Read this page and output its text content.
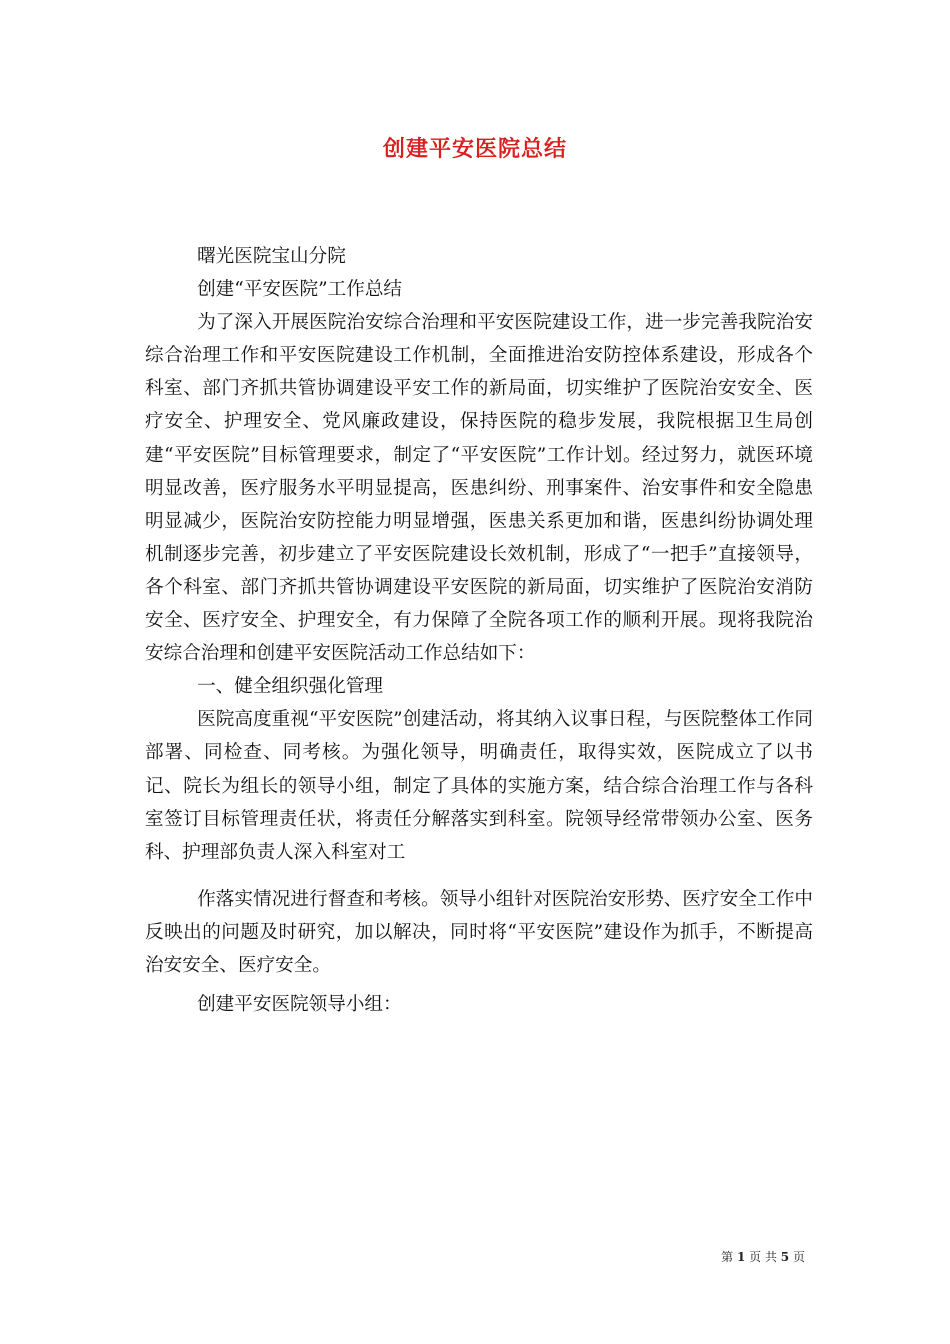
创建平安医院总结

曙光医院宝山分院

创建“平安医院”工作总结

为了深入开展医院治安综合治理和平安医院建设工作，进一步完善我院治安综合治理工作和平安医院建设工作机制，全面推进治安防控体系建设，形成各个科室、部门齐抓共管协调建设平安工作的新局面，切实维护了医院治安安全、医疗安全、护理安全、党风廉政建设，保持医院的稳步发展，我院根据卫生局创建“平安医院”目标管理要求，制定了“平安医院”工作计划。经过努力，就医环境明显改善，医疗服务水平明显提高，医患纠纷、刑事案件、治安事件和安全隐患明显减少，医院治安防控能力明显增强，医患关系更加和谐，医患纠纷协调处理机制逐步完善，初步建立了平安医院建设长效机制，形成了“一把手”直接领导，各个科室、部门齐抓共管协调建设平安医院的新局面，切实维护了医院治安消防安全、医疗安全、护理安全，有力保障了全院各项工作的顺利开展。现将我院治安综合治理和创建平安医院活动工作总结如下：

一、健全组织强化管理

医院高度重视“平安医院”创建活动，将其纳入议事日程，与医院整体工作同部署、同检查、同考核。为强化领导，明确责任，取得实效，医院成立了以书记、院长为组长的领导小组，制定了具体的实施方案，结合综合治理工作与各科室签订目标管理责任状，将责任分解落实到科室。院领导经常带领办公室、医务科、护理部负责人深入科室对工

作落实情况进行督查和考核。领导小组针对医院治安形势、医疗安全工作中反映出的问题及时研究，加以解决，同时将“平安医院”建设作为抓手，不断提高治安安全、医疗安全。

创建平安医院领导小组：

第 1 页 共 5 页
